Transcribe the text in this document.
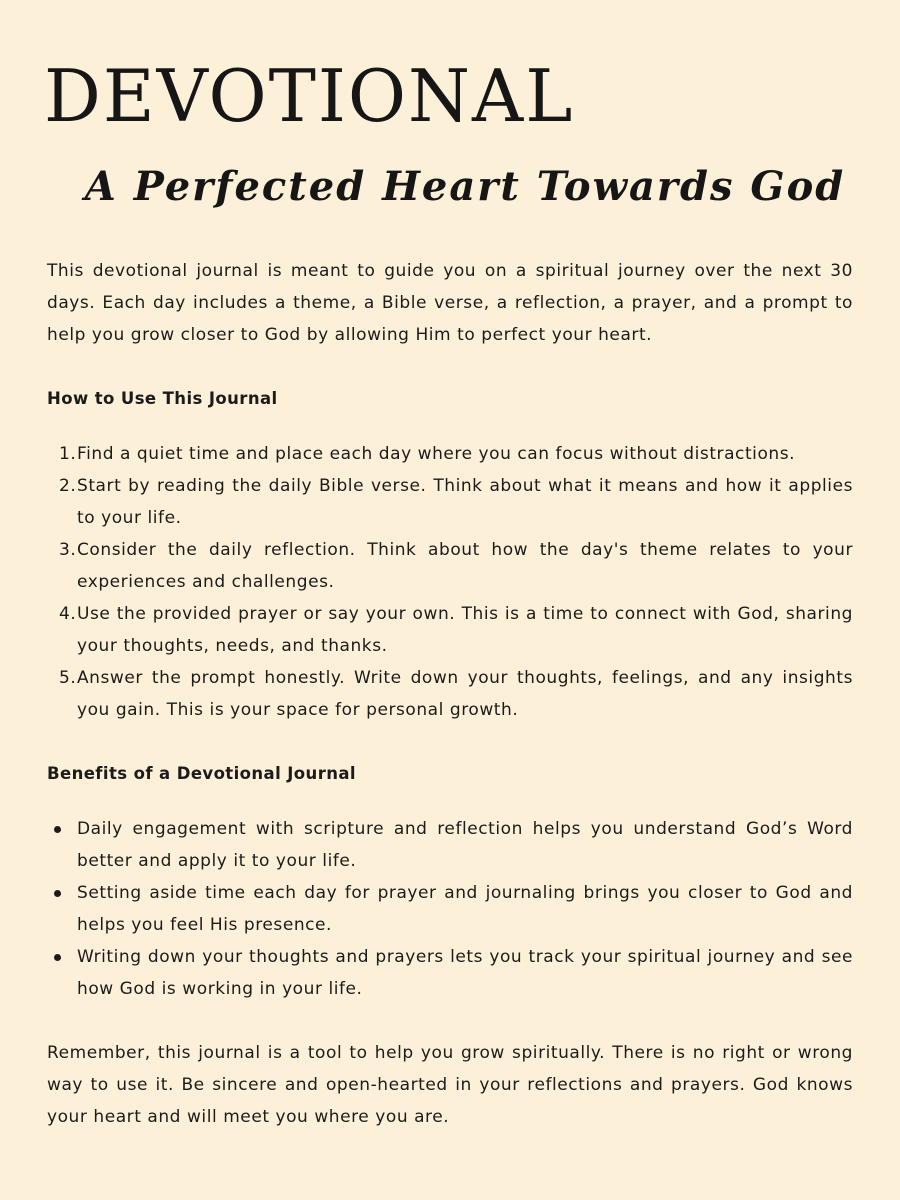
DEVOTIONAL
A Perfected Heart Towards God

This devotional journal is meant to guide you on a spiritual journey over the next 30 days. Each day includes a theme, a Bible verse, a reflection, a prayer, and a prompt to help you grow closer to God by allowing Him to perfect your heart.

How to Use This Journal

1. Find a quiet time and place each day where you can focus without distractions.
2. Start by reading the daily Bible verse. Think about what it means and how it applies to your life.
3. Consider the daily reflection. Think about how the day's theme relates to your experiences and challenges.
4. Use the provided prayer or say your own. This is a time to connect with God, sharing your thoughts, needs, and thanks.
5. Answer the prompt honestly. Write down your thoughts, feelings, and any insights you gain. This is your space for personal growth.

Benefits of a Devotional Journal

Daily engagement with scripture and reflection helps you understand God’s Word better and apply it to your life.
Setting aside time each day for prayer and journaling brings you closer to God and helps you feel His presence.
Writing down your thoughts and prayers lets you track your spiritual journey and see how God is working in your life.

Remember, this journal is a tool to help you grow spiritually. There is no right or wrong way to use it. Be sincere and open-hearted in your reflections and prayers. God knows your heart and will meet you where you are.
